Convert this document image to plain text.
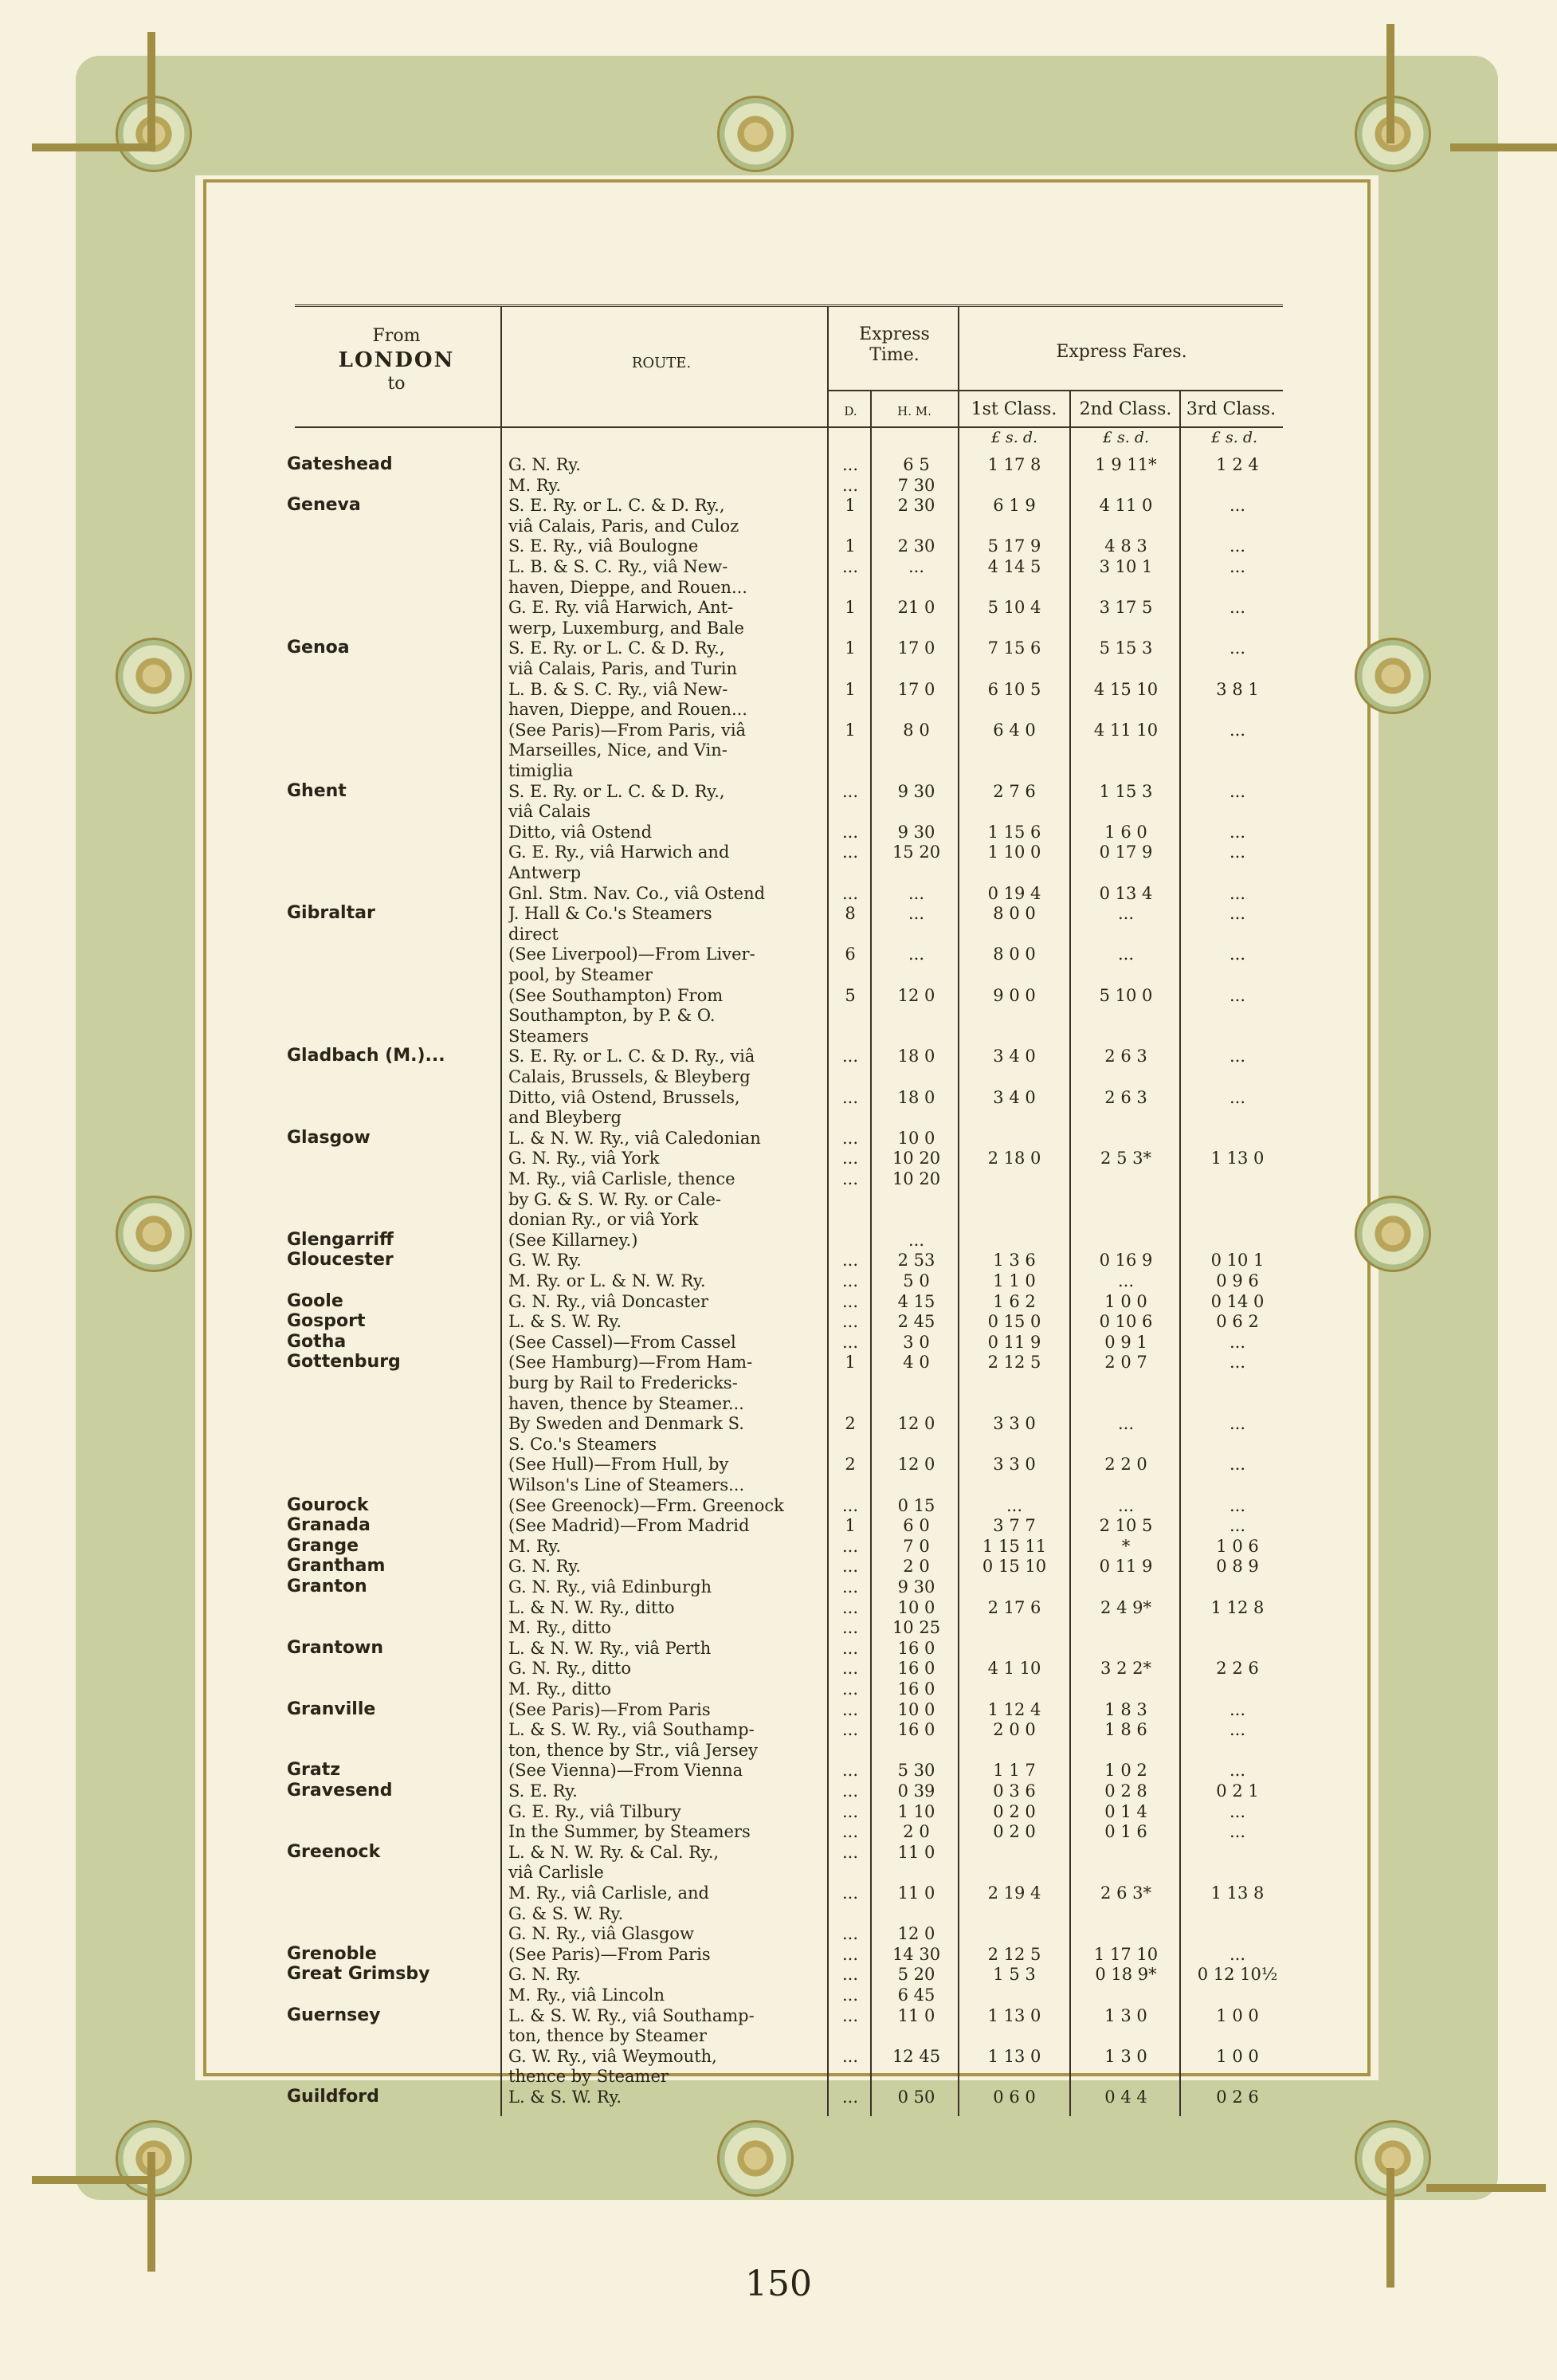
From
LONDON
to
ROUTE.
Express Time.
D.	H. M.
Express Fares.
1st Class.	2nd Class. 3rd Class.
£ s. d.	£ s. d.	£ s. d.
Gateshead	G. N. Ry.	...	6 5	1 17 8	1 9 11*	1 2 4
M. Ry.	...	7 30
Geneva	S. E. Ry. or L. C. & D. Ry.,	1	2 30	6 1 9	4 11 0	...
viâ Calais, Paris, and Culoz
S. E. Ry., viâ Boulogne	1	2 30	5 17 9	4 8 3	...
L. B. & S. C. Ry., viâ New-	...	...	4 14 5	3 10 1	...
haven, Dieppe, and Rouen...
G. E. Ry. viâ Harwich, Ant-	1	21 0	5 10 4	3 17 5	...
werp, Luxemburg, and Bale
Genoa	S. E. Ry. or L. C. & D. Ry.,	1	17 0	7 15 6	5 15 3	...
viâ Calais, Paris, and Turin
L. B. & S. C. Ry., viâ New-	1	17 0	6 10 5	4 15 10	3 8 1
haven, Dieppe, and Rouen...
(See Paris)—From Paris, viâ	1	8 0	6 4 0	4 11 10	...
Marseilles, Nice, and Vin-
timiglia
Ghent	S. E. Ry. or L. C. & D. Ry.,	...	9 30	2 7 6	1 15 3	...
viâ Calais
Ditto, viâ Ostend	...	9 30	1 15 6	1 6 0	...
G. E. Ry., viâ Harwich and	...	15 20	1 10 0	0 17 9	...
Antwerp
Gnl. Stm. Nav. Co., viâ Ostend	...	...	0 19 4	0 13 4	...
Gibraltar	J. Hall & Co.'s Steamers	8	...	8 0 0	...	...
direct
(See Liverpool)—From Liver-	6	...	8 0 0	...	...
pool, by Steamer
(See Southampton) From	5	12 0	9 0 0	5 10 0	...
Southampton, by P. & O.
Steamers
Gladbach (M.)...	S. E. Ry. or L. C. & D. Ry., viâ	...	18 0	3 4 0	2 6 3	...
Calais, Brussels, & Bleyberg
Ditto, viâ Ostend, Brussels,	...	18 0	3 4 0	2 6 3	...
and Bleyberg
Glasgow	L. & N. W. Ry., viâ Caledonian	...	10 0
G. N. Ry., viâ York	...	10 20	2 18 0	2 5 3*	1 13 0
M. Ry., viâ Carlisle, thence	...	10 20
by G. & S. W. Ry. or Cale-
donian Ry., or viâ York
Glengarriff	(See Killarney.)	...
Gloucester	G. W. Ry.	...	2 53	1 3 6	0 16 9	0 10 1
M. Ry. or L. & N. W. Ry.	...	5 0	1 1 0	...	0 9 6
Goole	G. N. Ry., viâ Doncaster	...	4 15	1 6 2	1 0 0	0 14 0
Gosport	L. & S. W. Ry.	...	2 45	0 15 0	0 10 6	0 6 2
Gotha	(See Cassel)—From Cassel	...	3 0	0 11 9	0 9 1	...
Gottenburg	(See Hamburg)—From Ham-	1	4 0	2 12 5	2 0 7	...
burg by Rail to Fredericks-
haven, thence by Steamer...
By Sweden and Denmark S.	2	12 0	3 3 0	...	...
S. Co.'s Steamers
(See Hull)—From Hull, by	2	12 0	3 3 0	2 2 0	...
Wilson's Line of Steamers...
Gourock	(See Greenock)—Frm. Greenock	...	0 15	...	...	...
Granada	(See Madrid)—From Madrid	1	6 0	3 7 7	2 10 5	...
Grange	M. Ry.	...	7 0	1 15 11	*	1 0 6
Grantham	G. N. Ry.	...	2 0	0 15 10	0 11 9	0 8 9
Granton	G. N. Ry., viâ Edinburgh	...	9 30
L. & N. W. Ry., ditto	...	10 0	2 17 6	2 4 9*	1 12 8
M. Ry., ditto	...	10 25
Grantown	L. & N. W. Ry., viâ Perth	...	16 0
G. N. Ry., ditto	...	16 0	4 1 10	3 2 2*	2 2 6
M. Ry., ditto	...	16 0
Granville	(See Paris)—From Paris	...	10 0	1 12 4	1 8 3	...
L. & S. W. Ry., viâ Southamp-	...	16 0	2 0 0	1 8 6	...
ton, thence by Str., viâ Jersey
Gratz	(See Vienna)—From Vienna	...	5 30	1 1 7	1 0 2	...
Gravesend	S. E. Ry.	...	0 39	0 3 6	0 2 8	0 2 1
G. E. Ry., viâ Tilbury	...	1 10	0 2 0	0 1 4	...
In the Summer, by Steamers	...	2 0	0 2 0	0 1 6	...
Greenock	L. & N. W. Ry. & Cal. Ry.,	...	11 0
viâ Carlisle
M. Ry., viâ Carlisle, and	...	11 0	2 19 4	2 6 3*	1 13 8
G. & S. W. Ry.
G. N. Ry., viâ Glasgow	...	12 0
Grenoble	(See Paris)—From Paris	...	14 30	2 12 5	1 17 10	...
Great Grimsby	G. N. Ry.	...	5 20	1 5 3	0 18 9*	0 12 10½
M. Ry., viâ Lincoln	...	6 45
Guernsey	L. & S. W. Ry., viâ Southamp-	...	11 0	1 13 0	1 3 0	1 0 0
ton, thence by Steamer
G. W. Ry., viâ Weymouth,	...	12 45	1 13 0	1 3 0	1 0 0
thence by Steamer
Guildford	L. & S. W. Ry.	...	0 50	0 6 0	0 4 4	0 2 6
150
